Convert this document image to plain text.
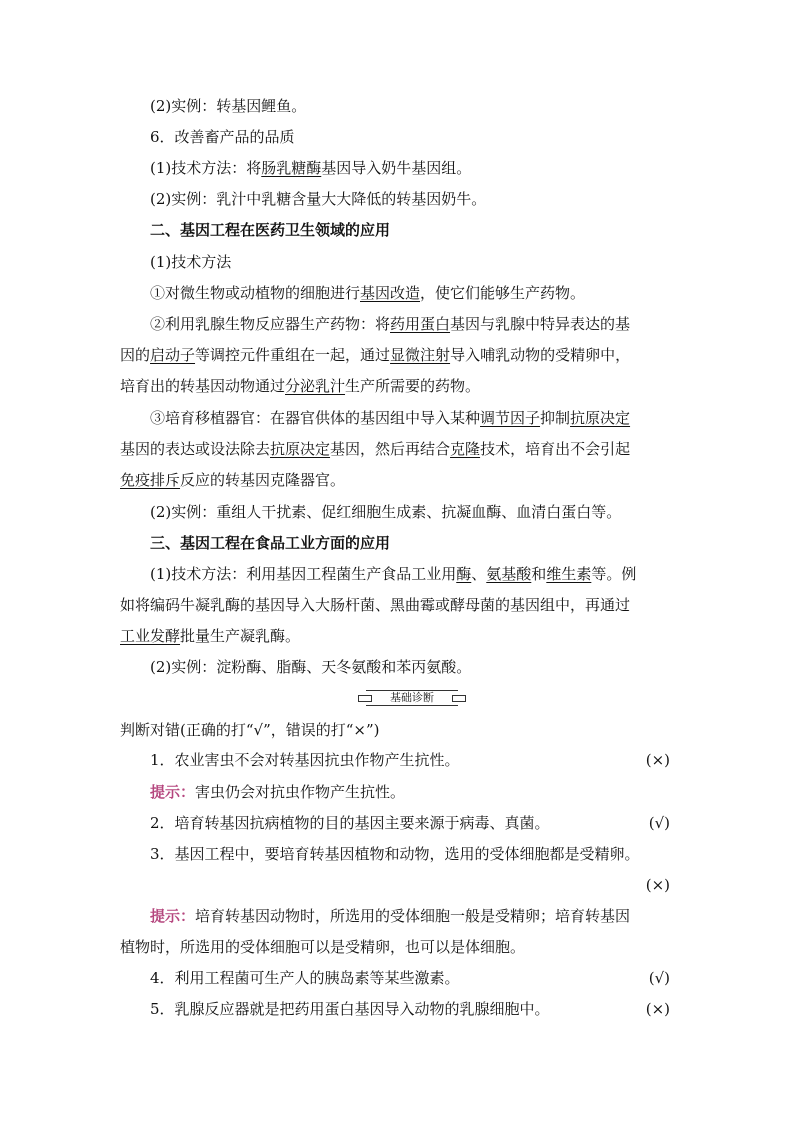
(2)实例：转基因鲤鱼。
6．改善畜产品的品质
(1)技术方法：将肠乳糖酶基因导入奶牛基因组。
(2)实例：乳汁中乳糖含量大大降低的转基因奶牛。
二、基因工程在医药卫生领域的应用
(1)技术方法
①对微生物或动植物的细胞进行基因改造，使它们能够生产药物。
②利用乳腺生物反应器生产药物：将药用蛋白基因与乳腺中特异表达的基
因的启动子等调控元件重组在一起，通过显微注射导入哺乳动物的受精卵中，
培育出的转基因动物通过分泌乳汁生产所需要的药物。
③培育移植器官：在器官供体的基因组中导入某种调节因子抑制抗原决定
基因的表达或设法除去抗原决定基因，然后再结合克隆技术，培育出不会引起
免疫排斥反应的转基因克隆器官。
(2)实例：重组人干扰素、促红细胞生成素、抗凝血酶、血清白蛋白等。
三、基因工程在食品工业方面的应用
(1)技术方法：利用基因工程菌生产食品工业用酶、氨基酸和维生素等。例
如将编码牛凝乳酶的基因导入大肠杆菌、黑曲霉或酵母菌的基因组中，再通过
工业发酵批量生产凝乳酶。
(2)实例：淀粉酶、脂酶、天冬氨酸和苯丙氨酸。
基础诊断
判断对错(正确的打“√”，错误的打“×”)
1．农业害虫不会对转基因抗虫作物产生抗性。	(×)
提示：害虫仍会对抗虫作物产生抗性。
2．培育转基因抗病植物的目的基因主要来源于病毒、真菌。	(√)
3．基因工程中，要培育转基因植物和动物，选用的受体细胞都是受精卵。
(×)
提示：培育转基因动物时，所选用的受体细胞一般是受精卵；培育转基因
植物时，所选用的受体细胞可以是受精卵，也可以是体细胞。
4．利用工程菌可生产人的胰岛素等某些激素。	(√)
5．乳腺反应器就是把药用蛋白基因导入动物的乳腺细胞中。	(×)
